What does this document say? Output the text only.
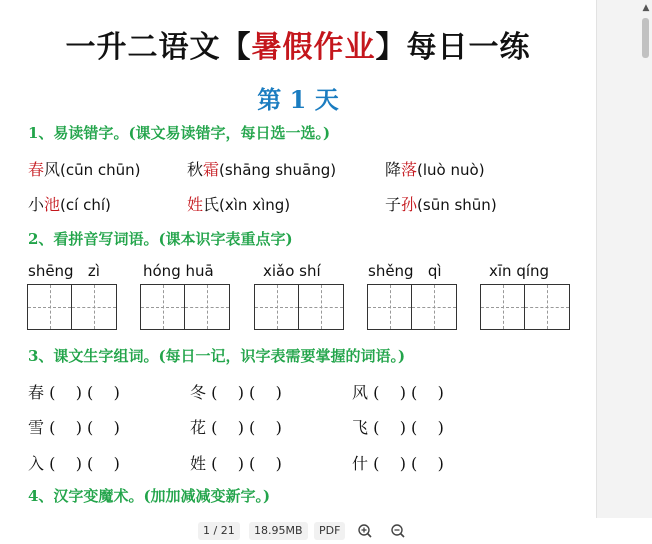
一升二语文【暑假作业】每日一练
第 1 天
1、易读错字。(课文易读错字，每日选一选。)
春风(cūn chūn)	秋霜(shāng shuāng)	降落(luò nuò)
小池(cí chí)	姓氏(xìn xìng)	子孙(sūn shūn)
2、看拼音写词语。(课本识字表重点字)
shēng   zì	hóng huā	xiǎo shí	shěng   qì	xīn qíng
3、课文生字组词。(每日一记，识字表需要掌握的词语。)
春 (    ) (    )	冬 (    ) (    )	风 (    ) (    )
雪 (    ) (    )	花 (    ) (    )	飞 (    ) (    )
入 (    ) (    )	姓 (    ) (    )	什 (    ) (    )
4、汉字变魔术。(加加减减变新字。)
▲
1 / 21	18.95MB	PDF
